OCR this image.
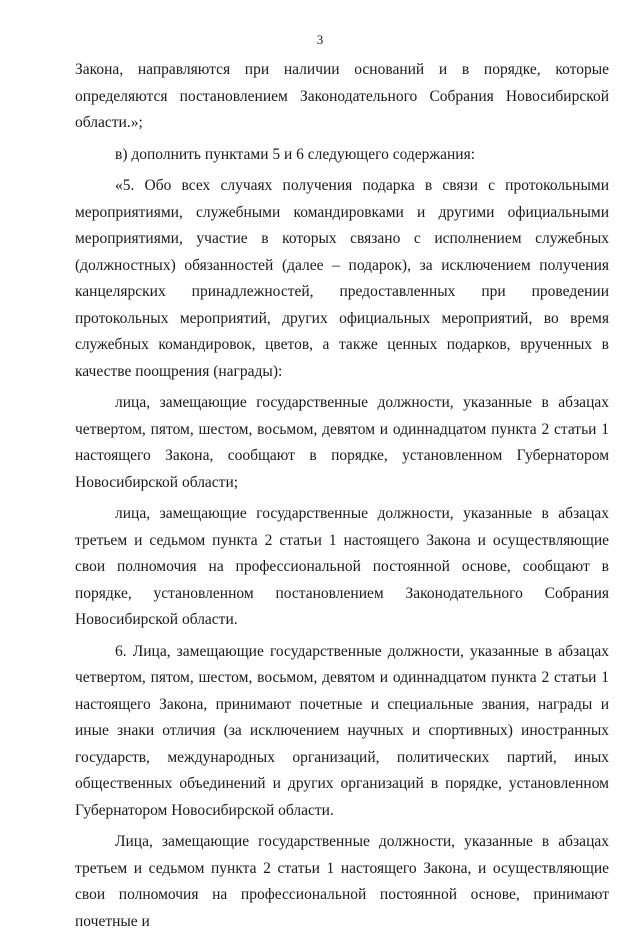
3

Закона, направляются при наличии оснований и в порядке, которые определяются постановлением Законодательного Собрания Новосибирской области.»;

в) дополнить пунктами 5 и 6 следующего содержания:

«5. Обо всех случаях получения подарка в связи с протокольными мероприятиями, служебными командировками и другими официальными мероприятиями, участие в которых связано с исполнением служебных (должностных) обязанностей (далее – подарок), за исключением получения канцелярских принадлежностей, предоставленных при проведении протокольных мероприятий, других официальных мероприятий, во время служебных командировок, цветов, а также ценных подарков, врученных в качестве поощрения (награды):

лица, замещающие государственные должности, указанные в абзацах четвертом, пятом, шестом, восьмом, девятом и одиннадцатом пункта 2 статьи 1 настоящего Закона, сообщают в порядке, установленном Губернатором Новосибирской области;

лица, замещающие государственные должности, указанные в абзацах третьем и седьмом пункта 2 статьи 1 настоящего Закона и осуществляющие свои полномочия на профессиональной постоянной основе, сообщают в порядке, установленном постановлением Законодательного Собрания Новосибирской области.

6. Лица, замещающие государственные должности, указанные в абзацах четвертом, пятом, шестом, восьмом, девятом и одиннадцатом пункта 2 статьи 1 настоящего Закона, принимают почетные и специальные звания, награды и иные знаки отличия (за исключением научных и спортивных) иностранных государств, международных организаций, политических партий, иных общественных объединений и других организаций в порядке, установленном Губернатором Новосибирской области.

Лица, замещающие государственные должности, указанные в абзацах третьем и седьмом пункта 2 статьи 1 настоящего Закона, и осуществляющие свои полномочия на профессиональной постоянной основе, принимают почетные и
